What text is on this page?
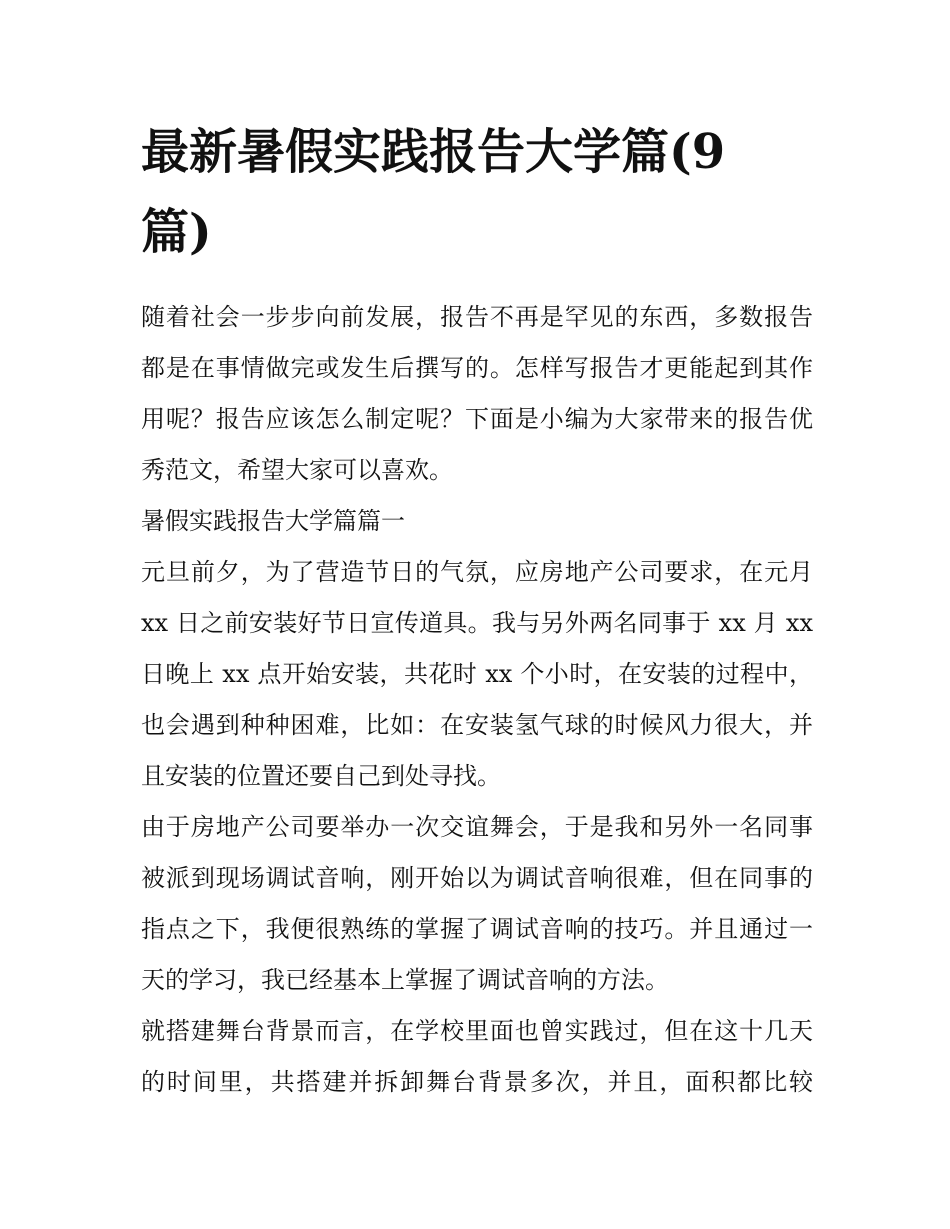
最新暑假实践报告大学篇(9
篇)

随着社会一步步向前发展，报告不再是罕见的东西，多数报告
都是在事情做完或发生后撰写的。怎样写报告才更能起到其作
用呢？报告应该怎么制定呢？下面是小编为大家带来的报告优
秀范文，希望大家可以喜欢。

暑假实践报告大学篇篇一

元旦前夕，为了营造节日的气氛，应房地产公司要求，在元月
xx 日之前安装好节日宣传道具。我与另外两名同事于 xx 月 xx
日晚上 xx 点开始安装，共花时 xx 个小时，在安装的过程中，
也会遇到种种困难，比如：在安装氢气球的时候风力很大，并
且安装的位置还要自己到处寻找。

由于房地产公司要举办一次交谊舞会，于是我和另外一名同事
被派到现场调试音响，刚开始以为调试音响很难，但在同事的
指点之下，我便很熟练的掌握了调试音响的技巧。并且通过一
天的学习，我已经基本上掌握了调试音响的方法。

就搭建舞台背景而言，在学校里面也曾实践过，但在这十几天
的时间里，共搭建并拆卸舞台背景多次，并且，面积都比较
